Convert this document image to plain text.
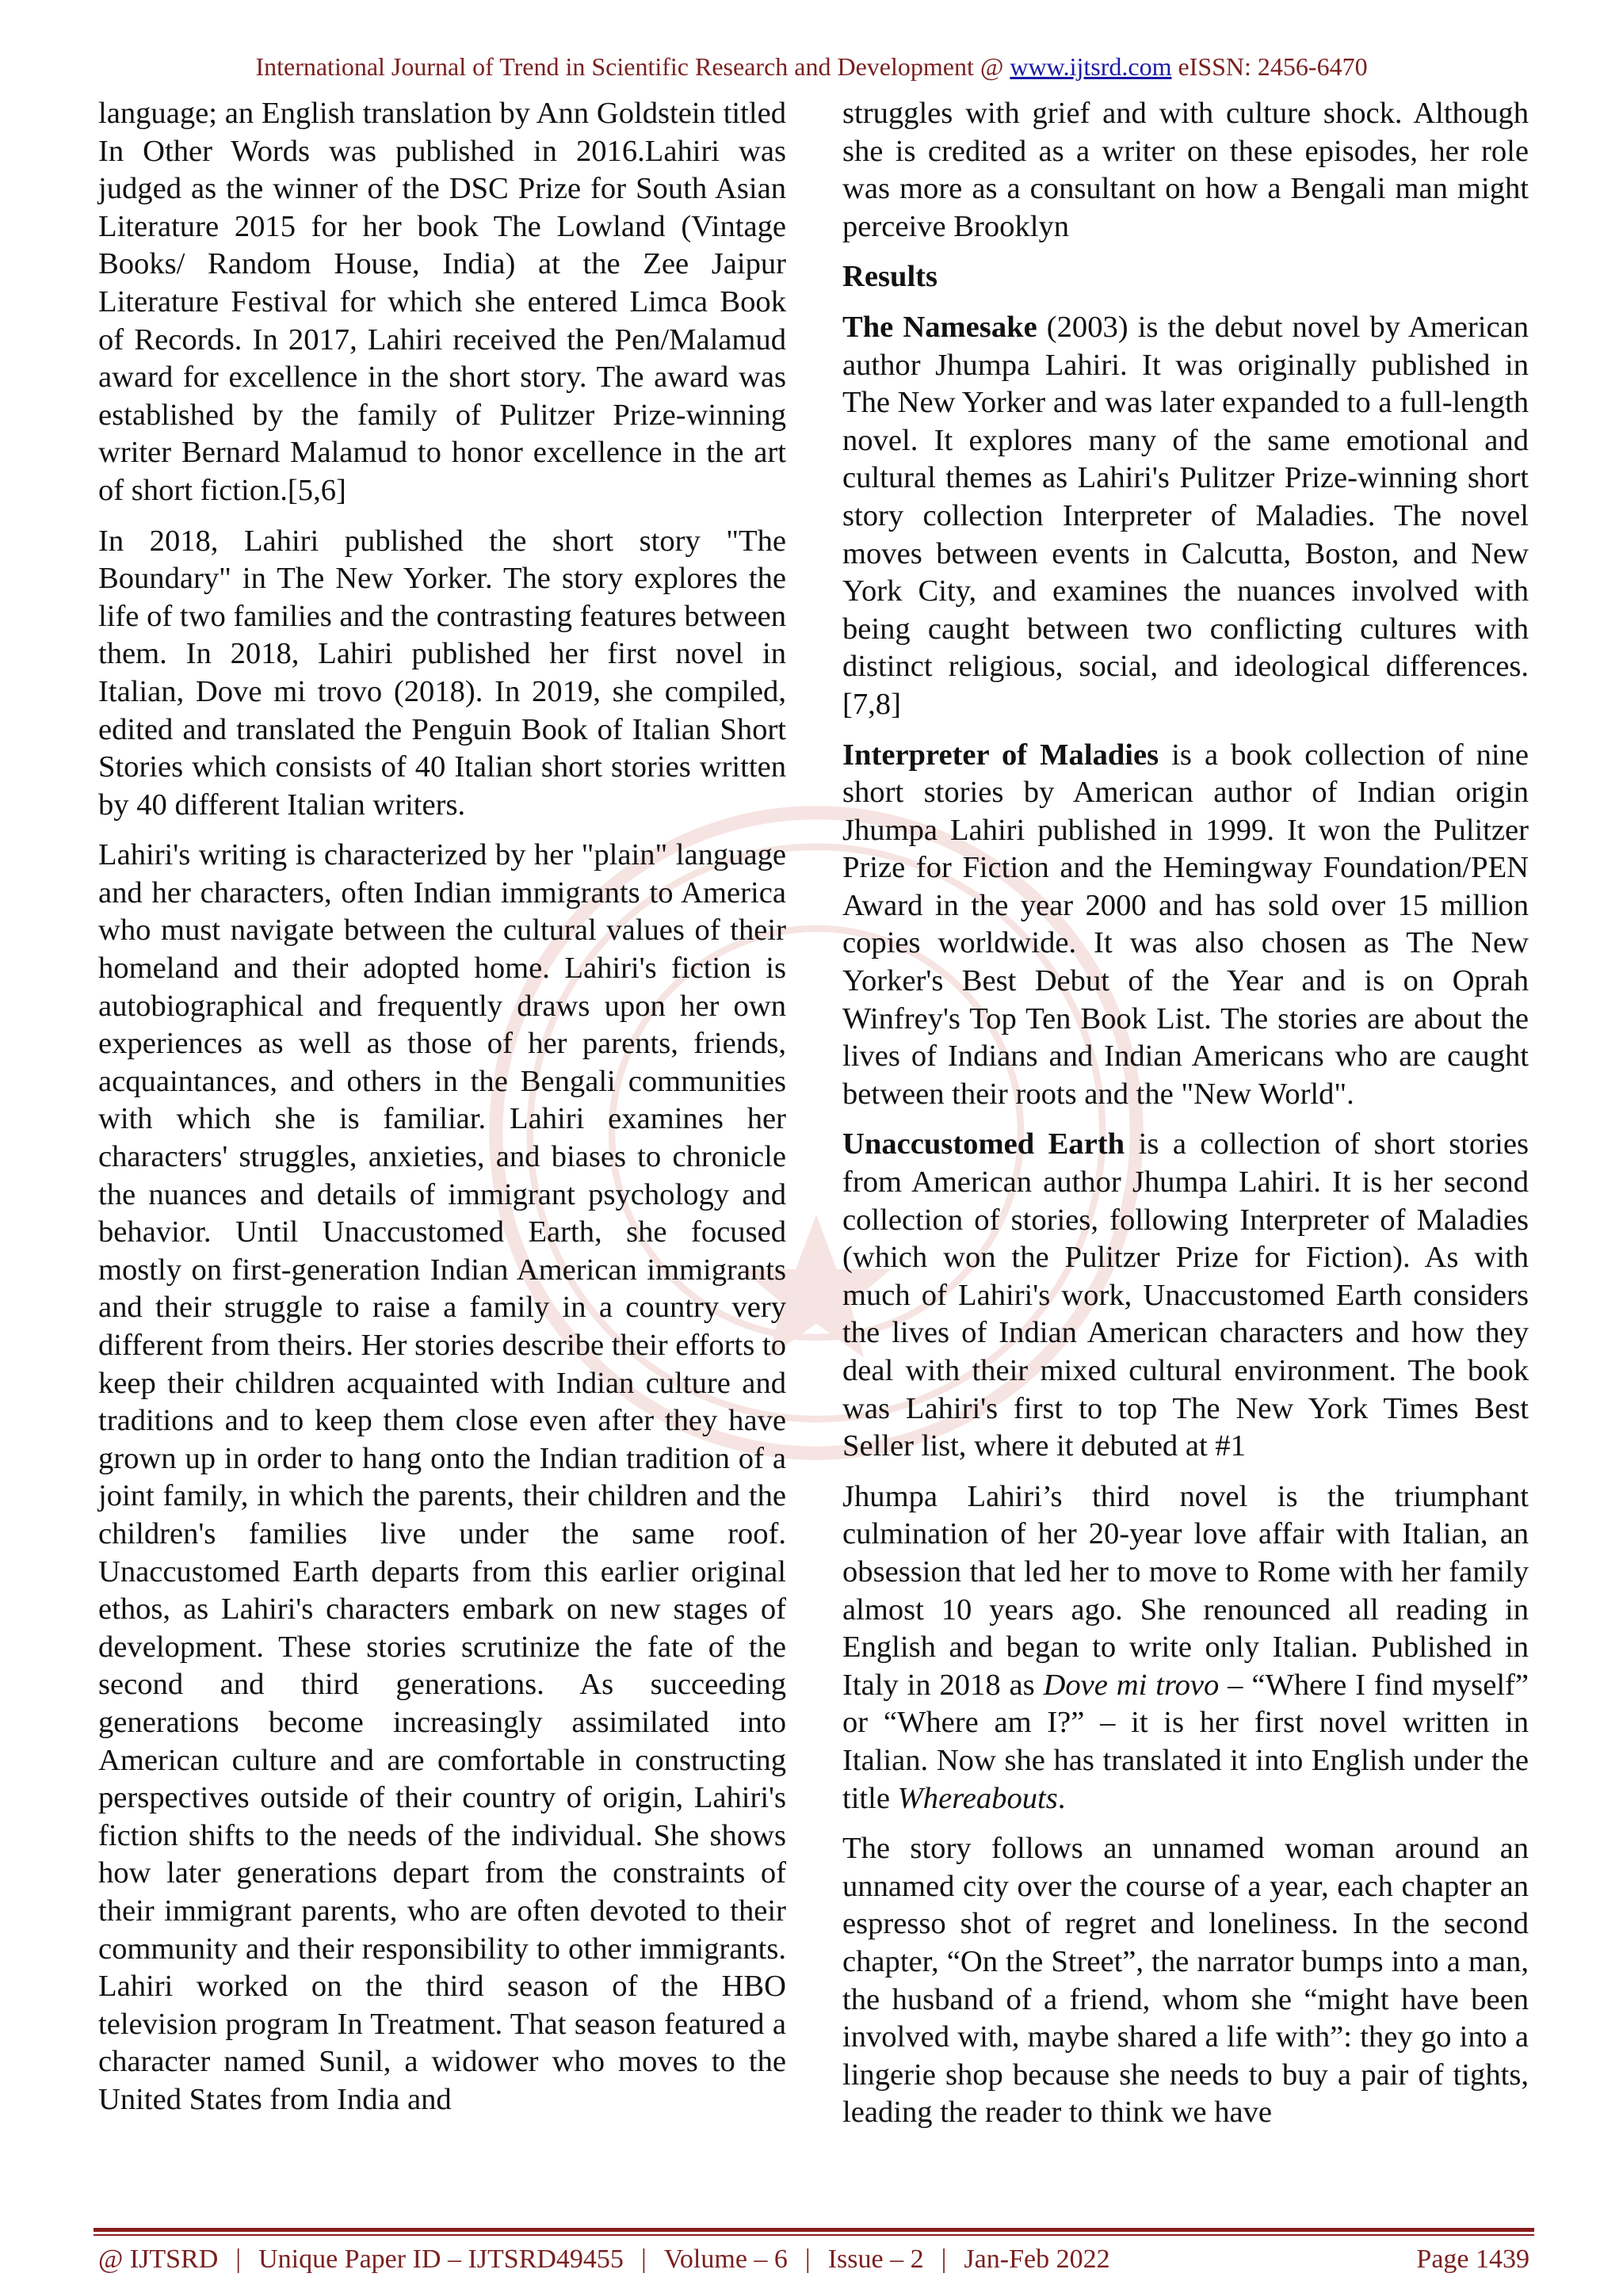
International Journal of Trend in Scientific Research and Development @ www.ijtsrd.com eISSN: 2456-6470

language; an English translation by Ann Goldstein titled In Other Words was published in 2016.Lahiri was judged as the winner of the DSC Prize for South Asian Literature 2015 for her book The Lowland (Vintage Books/ Random House, India) at the Zee Jaipur Literature Festival for which she entered Limca Book of Records. In 2017, Lahiri received the Pen/Malamud award for excellence in the short story. The award was established by the family of Pulitzer Prize-winning writer Bernard Malamud to honor excellence in the art of short fiction.[5,6]

In 2018, Lahiri published the short story "The Boundary" in The New Yorker. The story explores the life of two families and the contrasting features between them. In 2018, Lahiri published her first novel in Italian, Dove mi trovo (2018). In 2019, she compiled, edited and translated the Penguin Book of Italian Short Stories which consists of 40 Italian short stories written by 40 different Italian writers.

Lahiri's writing is characterized by her "plain" language and her characters, often Indian immigrants to America who must navigate between the cultural values of their homeland and their adopted home. Lahiri's fiction is autobiographical and frequently draws upon her own experiences as well as those of her parents, friends, acquaintances, and others in the Bengali communities with which she is familiar. Lahiri examines her characters' struggles, anxieties, and biases to chronicle the nuances and details of immigrant psychology and behavior. Until Unaccustomed Earth, she focused mostly on first-generation Indian American immigrants and their struggle to raise a family in a country very different from theirs. Her stories describe their efforts to keep their children acquainted with Indian culture and traditions and to keep them close even after they have grown up in order to hang onto the Indian tradition of a joint family, in which the parents, their children and the children's families live under the same roof. Unaccustomed Earth departs from this earlier original ethos, as Lahiri's characters embark on new stages of development. These stories scrutinize the fate of the second and third generations. As succeeding generations become increasingly assimilated into American culture and are comfortable in constructing perspectives outside of their country of origin, Lahiri's fiction shifts to the needs of the individual. She shows how later generations depart from the constraints of their immigrant parents, who are often devoted to their community and their responsibility to other immigrants. Lahiri worked on the third season of the HBO television program In Treatment. That season featured a character named Sunil, a widower who moves to the United States from India and

struggles with grief and with culture shock. Although she is credited as a writer on these episodes, her role was more as a consultant on how a Bengali man might perceive Brooklyn

Results

The Namesake (2003) is the debut novel by American author Jhumpa Lahiri. It was originally published in The New Yorker and was later expanded to a full-length novel. It explores many of the same emotional and cultural themes as Lahiri's Pulitzer Prize-winning short story collection Interpreter of Maladies. The novel moves between events in Calcutta, Boston, and New York City, and examines the nuances involved with being caught between two conflicting cultures with distinct religious, social, and ideological differences.[7,8]

Interpreter of Maladies is a book collection of nine short stories by American author of Indian origin Jhumpa Lahiri published in 1999. It won the Pulitzer Prize for Fiction and the Hemingway Foundation/PEN Award in the year 2000 and has sold over 15 million copies worldwide. It was also chosen as The New Yorker's Best Debut of the Year and is on Oprah Winfrey's Top Ten Book List. The stories are about the lives of Indians and Indian Americans who are caught between their roots and the "New World".

Unaccustomed Earth is a collection of short stories from American author Jhumpa Lahiri. It is her second collection of stories, following Interpreter of Maladies (which won the Pulitzer Prize for Fiction). As with much of Lahiri's work, Unaccustomed Earth considers the lives of Indian American characters and how they deal with their mixed cultural environment. The book was Lahiri's first to top The New York Times Best Seller list, where it debuted at #1

Jhumpa Lahiri’s third novel is the triumphant culmination of her 20-year love affair with Italian, an obsession that led her to move to Rome with her family almost 10 years ago. She renounced all reading in English and began to write only Italian. Published in Italy in 2018 as Dove mi trovo – “Where I find myself” or “Where am I?” – it is her first novel written in Italian. Now she has translated it into English under the title Whereabouts.

The story follows an unnamed woman around an unnamed city over the course of a year, each chapter an espresso shot of regret and loneliness. In the second chapter, “On the Street”, the narrator bumps into a man, the husband of a friend, whom she “might have been involved with, maybe shared a life with”: they go into a lingerie shop because she needs to buy a pair of tights, leading the reader to think we have

@ IJTSRD | Unique Paper ID – IJTSRD49455 | Volume – 6 | Issue – 2 | Jan-Feb 2022	Page 1439
